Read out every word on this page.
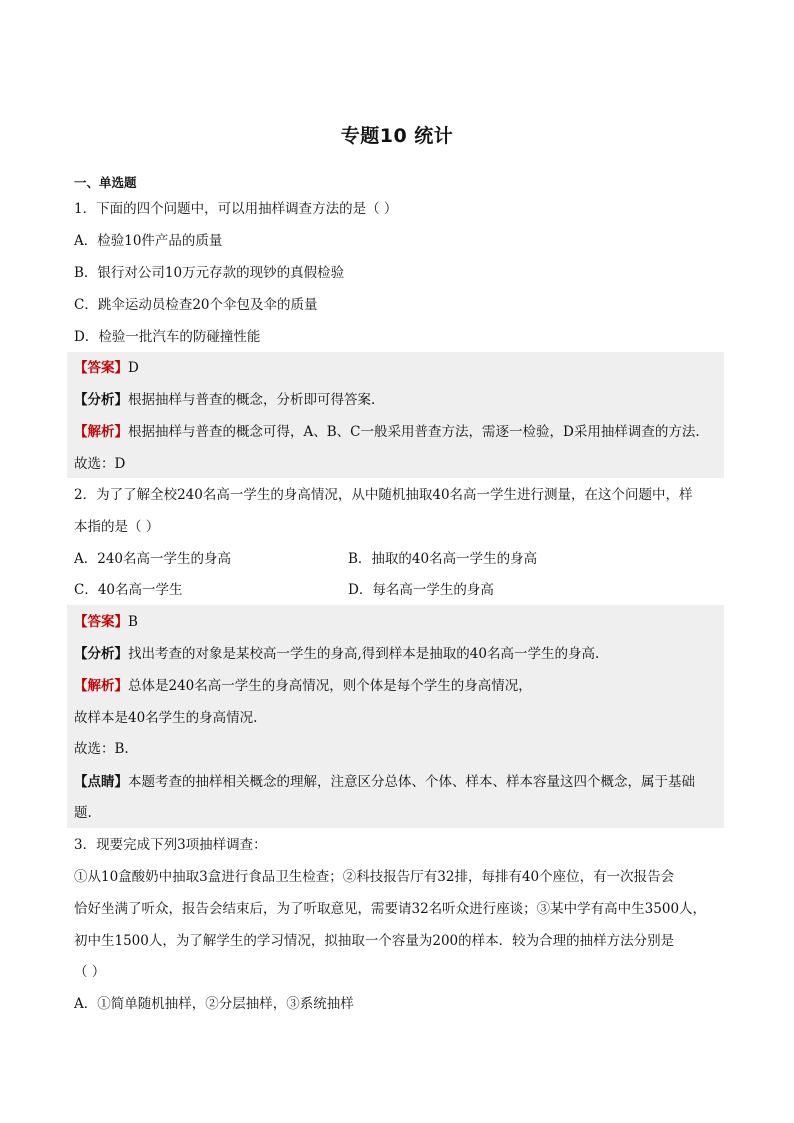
专题10 统计
一、单选题
1．下面的四个问题中，可以用抽样调查方法的是（ ）
A．检验10件产品的质量
B．银行对公司10万元存款的现钞的真假检验
C．跳伞运动员检查20个伞包及伞的质量
D．检验一批汽车的防碰撞性能
【答案】D
【分析】根据抽样与普查的概念，分析即可得答案.
【解析】根据抽样与普查的概念可得，A、B、C一般采用普查方法，需逐一检验，D采用抽样调查的方法.
故选：D
2．为了了解全校240名高一学生的身高情况，从中随机抽取40名高一学生进行测量，在这个问题中，样
本指的是（ ）
A．240名高一学生的身高	B．抽取的40名高一学生的身高
C．40名高一学生	D．每名高一学生的身高
【答案】B
【分析】找出考查的对象是某校高一学生的身高,得到样本是抽取的40名高一学生的身高.
【解析】总体是240名高一学生的身高情况，则个体是每个学生的身高情况，
故样本是40名学生的身高情况.
故选：B.
【点睛】本题考查的抽样相关概念的理解，注意区分总体、个体、样本、样本容量这四个概念，属于基础
题.
3．现要完成下列3项抽样调查：
①从10盒酸奶中抽取3盒进行食品卫生检查；②科技报告厅有32排，每排有40个座位，有一次报告会
恰好坐满了听众，报告会结束后，为了听取意见，需要请32名听众进行座谈；③某中学有高中生3500人，
初中生1500人，为了解学生的学习情况，拟抽取一个容量为200的样本．较为合理的抽样方法分别是
（ ）
A．①简单随机抽样，②分层抽样，③系统抽样
